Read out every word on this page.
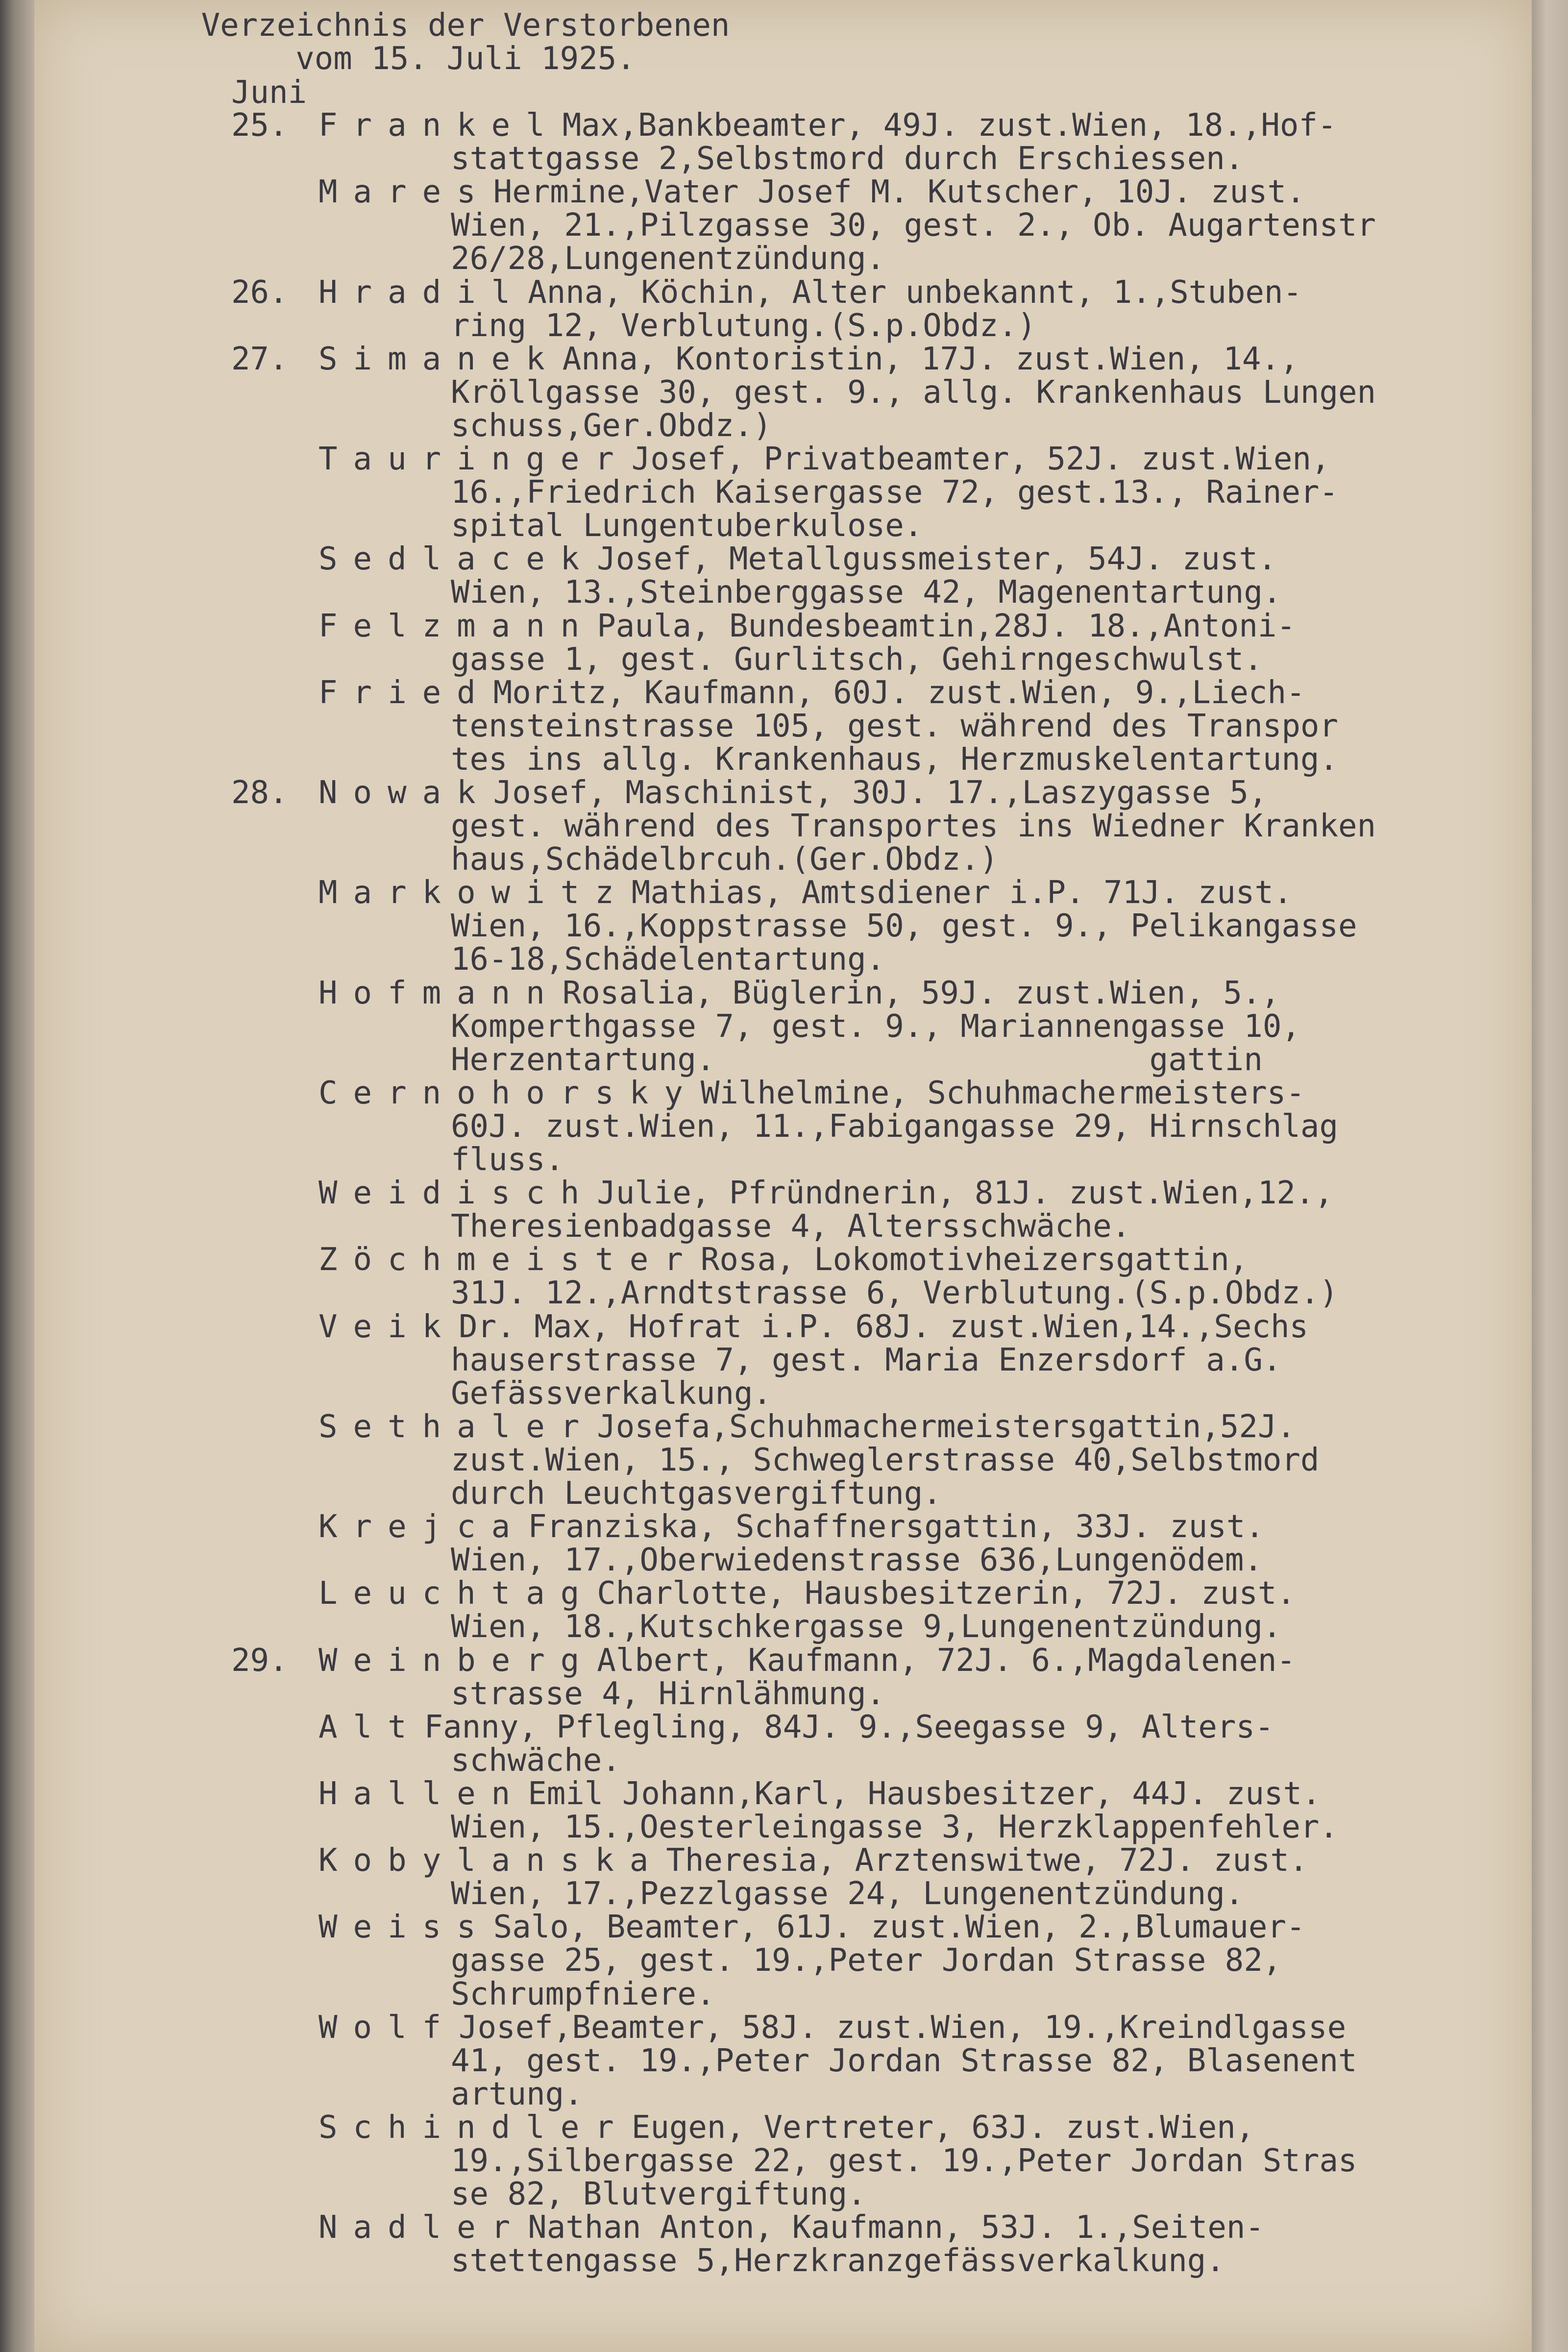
Verzeichnis der Verstorbenen
vom 15. Juli 1925.
Juni
25. Frankel Max,Bankbeamter, 49J. zust.Wien, 18.,Hof-
stattgasse 2,Selbstmord durch Erschiessen.
Mares Hermine,Vater Josef M. Kutscher, 10J. zust.
Wien, 21.,Pilzgasse 30, gest. 2., Ob. Augartenstr
26/28,Lungenentzündung.
26. Hradil Anna, Köchin, Alter unbekannt, 1.,Stuben-
ring 12, Verblutung.(S.p.Obdz.)
27. Simanek Anna, Kontoristin, 17J. zust.Wien, 14.,
Kröllgasse 30, gest. 9., allg. Krankenhaus Lungen
schuss,Ger.Obdz.)
Tauringer Josef, Privatbeamter, 52J. zust.Wien,
16.,Friedrich Kaisergasse 72, gest.13., Rainer-
spital Lungentuberkulose.
Sedlacek Josef, Metallgussmeister, 54J. zust.
Wien, 13.,Steinberggasse 42, Magenentartung.
Felzmann Paula, Bundesbeamtin,28J. 18.,Antoni-
gasse 1, gest. Gurlitsch, Gehirngeschwulst.
Fried Moritz, Kaufmann, 60J. zust.Wien, 9.,Liech-
tensteinstrasse 105, gest. während des Transpor
tes ins allg. Krankenhaus, Herzmuskelentartung.
28. Nowak Josef, Maschinist, 30J. 17.,Laszygasse 5,
gest. während des Transportes ins Wiedner Kranken
haus,Schädelbrcuh.(Ger.Obdz.)
Markowitz Mathias, Amtsdiener i.P. 71J. zust.
Wien, 16.,Koppstrasse 50, gest. 9., Pelikangasse
16-18,Schädelentartung.
Hofmann Rosalia, Büglerin, 59J. zust.Wien, 5.,
Komperthgasse 7, gest. 9., Mariannengasse 10,
Herzentartung.                       gattin
Cernohorsky Wilhelmine, Schuhmachermeisters-
60J. zust.Wien, 11.,Fabigangasse 29, Hirnschlag
fluss.
Weidisch Julie, Pfründnerin, 81J. zust.Wien,12.,
Theresienbadgasse 4, Altersschwäche.
Zöchmeister Rosa, Lokomotivheizersgattin,
31J. 12.,Arndtstrasse 6, Verblutung.(S.p.Obdz.)
Veik Dr. Max, Hofrat i.P. 68J. zust.Wien,14.,Sechs
hauserstrasse 7, gest. Maria Enzersdorf a.G.
Gefässverkalkung.
Sethaler Josefa,Schuhmachermeistersgattin,52J.
zust.Wien, 15., Schweglerstrasse 40,Selbstmord
durch Leuchtgasvergiftung.
Krejca Franziska, Schaffnersgattin, 33J. zust.
Wien, 17.,Oberwiedenstrasse 636,Lungenödem.
Leuchtag Charlotte, Hausbesitzerin, 72J. zust.
Wien, 18.,Kutschkergasse 9,Lungenentzündung.
29. Weinberg Albert, Kaufmann, 72J. 6.,Magdalenen-
strasse 4, Hirnlähmung.
Alt Fanny, Pflegling, 84J. 9.,Seegasse 9, Alters-
schwäche.
Hallen Emil Johann,Karl, Hausbesitzer, 44J. zust.
Wien, 15.,Oesterleingasse 3, Herzklappenfehler.
Kobylanska Theresia, Arztenswitwe, 72J. zust.
Wien, 17.,Pezzlgasse 24, Lungenentzündung.
Weiss Salo, Beamter, 61J. zust.Wien, 2.,Blumauer-
gasse 25, gest. 19.,Peter Jordan Strasse 82,
Schrumpfniere.
Wolf Josef,Beamter, 58J. zust.Wien, 19.,Kreindlgasse
41, gest. 19.,Peter Jordan Strasse 82, Blasenent
artung.
Schindler Eugen, Vertreter, 63J. zust.Wien,
19.,Silbergasse 22, gest. 19.,Peter Jordan Stras
se 82, Blutvergiftung.
Nadler Nathan Anton, Kaufmann, 53J. 1.,Seiten-
stettengasse 5,Herzkranzgefässverkalkung.
